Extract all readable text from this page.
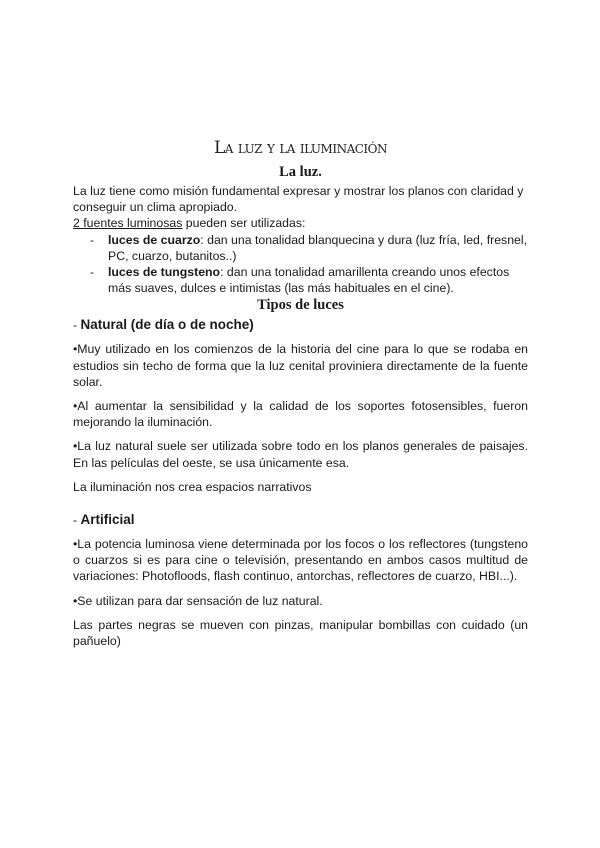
La luz y la iluminación
La luz.

La luz tiene como misión fundamental expresar y mostrar los planos con claridad y conseguir un clima apropiado.

2 fuentes luminosas pueden ser utilizadas:

- luces de cuarzo: dan una tonalidad blanquecina y dura (luz fría, led, fresnel, PC, cuarzo, butanitos..)
- luces de tungsteno: dan una tonalidad amarillenta creando unos efectos más suaves, dulces e intimistas (las más habituales en el cine).
Tipos de luces
- Natural (de día o de noche)

•Muy utilizado en los comienzos de la historia del cine para lo que se rodaba en estudios sin techo de forma que la luz cenital proviniera directamente de la fuente solar.

•Al aumentar la sensibilidad y la calidad de los soportes fotosensibles, fueron mejorando la iluminación.

•La luz natural suele ser utilizada sobre todo en los planos generales de paisajes. En las películas del oeste, se usa únicamente esa.

La iluminación nos crea espacios narrativos

- Artificial

•La potencia luminosa viene determinada por los focos o los reflectores (tungsteno o cuarzos si es para cine o televisión, presentando en ambos casos multitud de variaciones: Photofloods, flash continuo, antorchas, reflectores de cuarzo, HBI...).

•Se utilizan para dar sensación de luz natural.

Las partes negras se mueven con pinzas, manipular bombillas con cuidado (un pañuelo)
